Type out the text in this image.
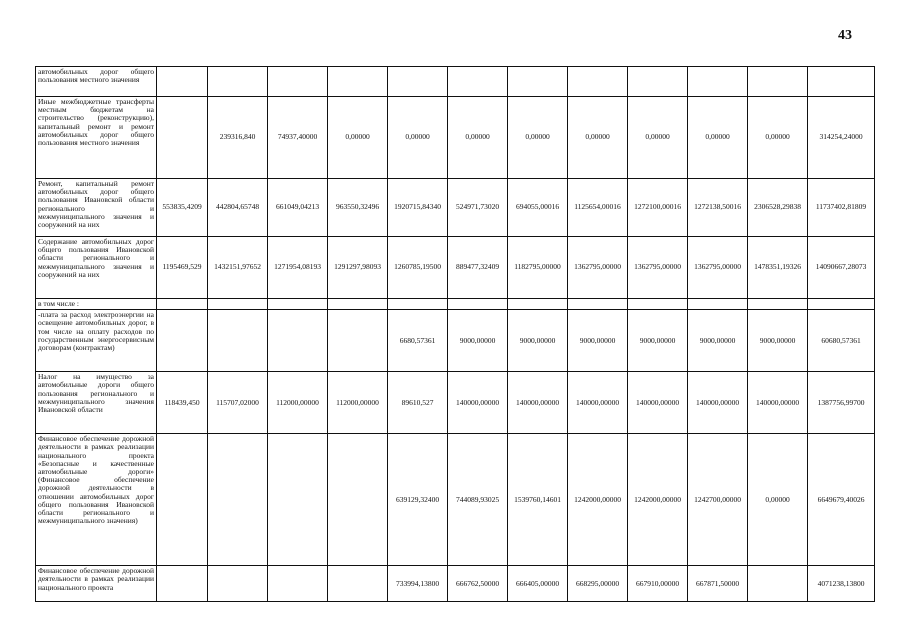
43
автомобильных дорог общего пользования местного значения												
Иные межбюджетные трансферты местным бюджетам на строительство (реконструкцию), капитальный ремонт и ремонт автомобильных дорог общего пользования местного значения		239316,840	74937,40000	0,00000	0,00000	0,00000	0,00000	0,00000	0,00000	0,00000	0,00000	314254,24000
Ремонт, капитальный ремонт автомобильных дорог общего пользования Ивановской области регионального и межмуниципального значения и сооружений на них	553835,4209	442804,65748	661049,04213	963550,32496	1920715,84340	524971,73020	694055,00016	1125654,00016	1272100,00016	1272138,50016	2306528,29838	11737402,81809
Содержание автомобильных дорог общего пользования Ивановской области регионального и межмуниципального значения и сооружений на них	1195469,529	1432151,97652	1271954,08193	1291297,98093	1260785,19500	889477,32409	1182795,00000	1362795,00000	1362795,00000	1362795,00000	1478351,19326	14090667,28073
в том числе :												
-плата за расход электроэнергии на освещение автомобильных дорог, в том числе на оплату расходов по государственным энергосервисным договорам (контрактам)					6680,57361	9000,00000	9000,00000	9000,00000	9000,00000	9000,00000	9000,00000	60680,57361
Налог на имущество за автомобильные дороги общего пользования регионального и межмуниципального значения Ивановской области	118439,450	115707,02000	112000,00000	112000,00000	89610,527	140000,00000	140000,00000	140000,00000	140000,00000	140000,00000	140000,00000	1387756,99700
Финансовое обеспечение дорожной деятельности в рамках реализации национального проекта «Безопасные и качественные автомобильные дороги» (Финансовое обеспечение дорожной деятельности в отношении автомобильных дорог общего пользования Ивановской области регионального и межмуниципального значения)					639129,32400	744089,93025	1539760,14601	1242000,00000	1242000,00000	1242700,00000	0,00000	6649679,40026
Финансовое обеспечение дорожной деятельности в рамках реализации национального проекта					733994,13800	666762,50000	666405,00000	668295,00000	667910,00000	667871,50000		4071238,13800
